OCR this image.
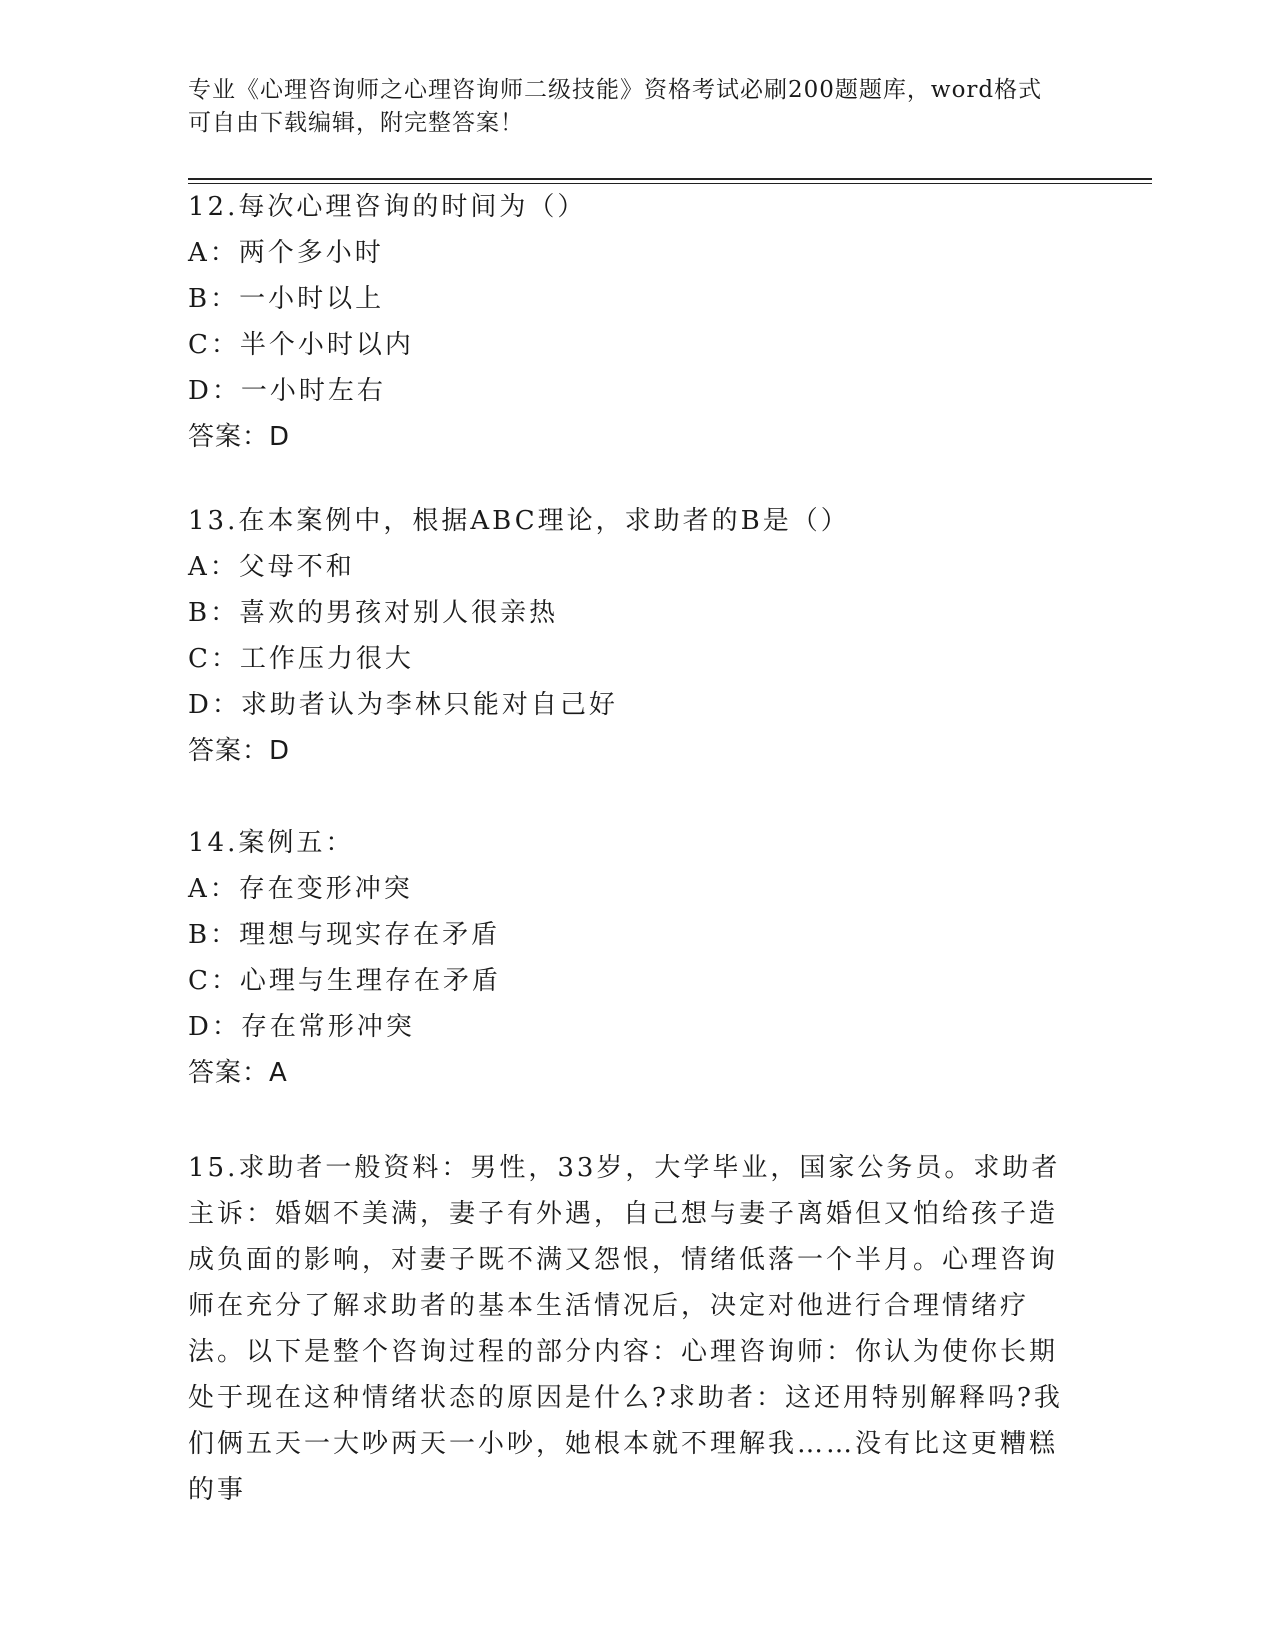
专业《心理咨询师之心理咨询师二级技能》资格考试必刷200题题库，word格式
可自由下载编辑，附完整答案！
12.每次心理咨询的时间为（）
A：两个多小时
B：一小时以上
C：半个小时以内
D：一小时左右
答案：D
13.在本案例中，根据ABC理论，求助者的B是（）
A：父母不和
B：喜欢的男孩对别人很亲热
C：工作压力很大
D：求助者认为李林只能对自己好
答案：D
14.案例五：
A：存在变形冲突
B：理想与现实存在矛盾
C：心理与生理存在矛盾
D：存在常形冲突
答案：A
15.求助者一般资料：男性，33岁，大学毕业，国家公务员。求助者主诉：婚姻不美满，妻子有外遇，自己想与妻子离婚但又怕给孩子造成负面的影响，对妻子既不满又怨恨，情绪低落一个半月。心理咨询师在充分了解求助者的基本生活情况后，决定对他进行合理情绪疗法。以下是整个咨询过程的部分内容：心理咨询师：你认为使你长期处于现在这种情绪状态的原因是什么?求助者：这还用特别解释吗?我们俩五天一大吵两天一小吵，她根本就不理解我……没有比这更糟糕的事
